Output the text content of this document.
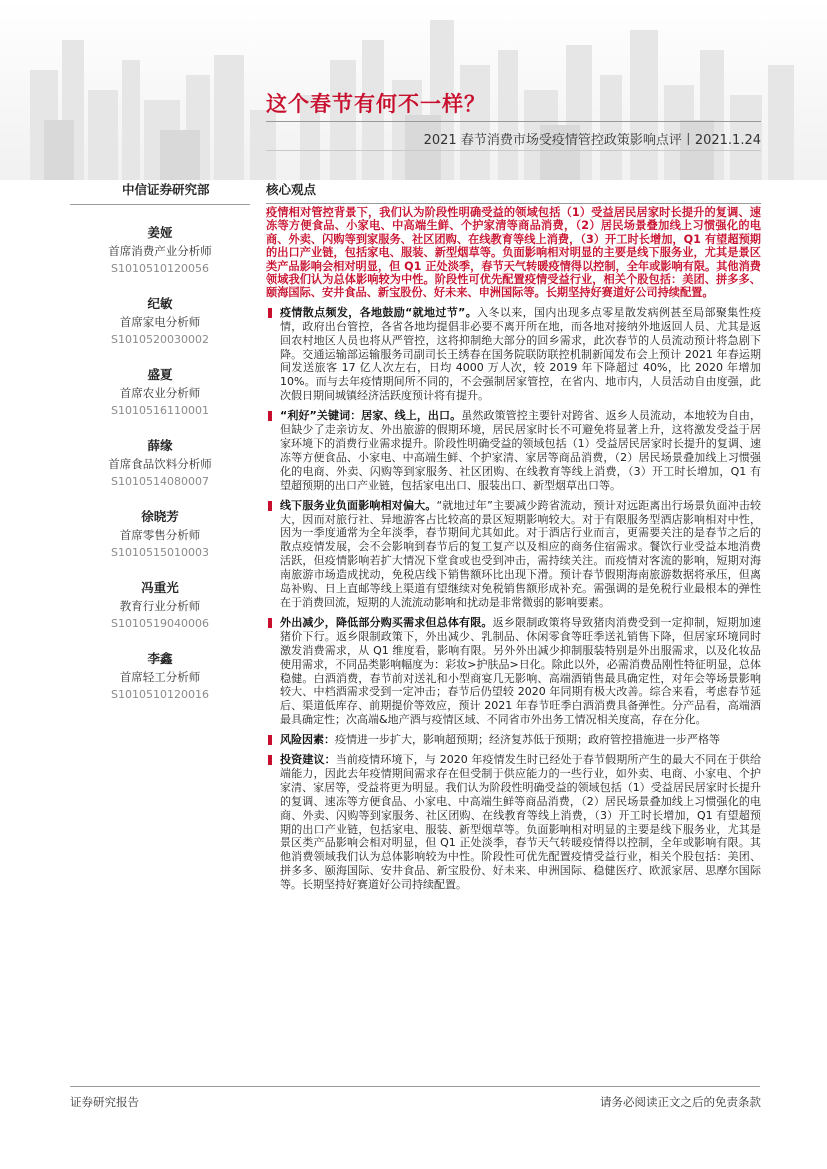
这个春节有何不一样？
2021 春节消费市场受疫情管控政策影响点评丨2021.1.24
中信证券研究部
姜娅
首席消费产业分析师
S1010510120056
纪敏
首席家电分析师
S1010520030002
盛夏
首席农业分析师
S1010516110001
薛缘
首席食品饮料分析师
S1010514080007
徐晓芳
首席零售分析师
S1010515010003
冯重光
教育行业分析师
S1010519040006
李鑫
首席轻工分析师
S1010510120016
核心观点
疫情相对管控背景下，我们认为阶段性明确受益的领域包括（1）受益居民居家时长提升的复调、速冻等方便食品、小家电、中高端生鲜、个护家清等商品消费，（2）居民场景叠加线上习惯强化的电商、外卖、闪购等到家服务、社区团购、在线教育等线上消费，（3）开工时长增加，Q1 有望超预期的出口产业链，包括家电、服装、新型烟草等。负面影响相对明显的主要是线下服务业，尤其是景区类产品影响会相对明显，但 Q1 正处淡季，春节天气转暖疫情得以控制，全年或影响有限。其他消费领域我们认为总体影响较为中性。阶段性可优先配置疫情受益行业，相关个股包括：美团、拼多多、颐海国际、安井食品、新宝股份、好未来、申洲国际等。长期坚持好赛道好公司持续配置。
疫情散点频发，各地鼓励“就地过节”。入冬以来，国内出现多点零星散发病例甚至局部聚集性疫情，政府出台管控，各省各地均提倡非必要不离开所在地，而各地对接纳外地返回人员、尤其是返回农村地区人员也将从严管控，这将抑制绝大部分的回乡需求，此次春节的人员流动预计将急剧下降。交通运输部运输服务司副司长王绣春在国务院联防联控机制新闻发布会上预计 2021 年春运期间发送旅客 17 亿人次左右，日均 4000 万人次，较 2019 年下降超过 40%，比 2020 年增加 10%。而与去年疫情期间所不同的，不会强制居家管控，在省内、地市内，人员活动自由度强，此次假日期间城镇经济活跃度预计将有提升。
“利好”关键词：居家、线上，出口。虽然政策管控主要针对跨省、返乡人员流动，本地较为自由，但缺少了走亲访友、外出旅游的假期环境，居民居家时长不可避免将显著上升，这将激发受益于居家环境下的消费行业需求提升。阶段性明确受益的领域包括（1）受益居民居家时长提升的复调、速冻等方便食品、小家电、中高端生鲜、个护家清、家居等商品消费，（2）居民场景叠加线上习惯强化的电商、外卖、闪购等到家服务、社区团购、在线教育等线上消费，（3）开工时长增加，Q1 有望超预期的出口产业链，包括家电出口、服装出口、新型烟草出口等。
线下服务业负面影响相对偏大。“就地过年”主要减少跨省流动，预计对远距离出行场景负面冲击较大，因而对旅行社、异地游客占比较高的景区短期影响较大。对于有限服务型酒店影响相对中性，因为一季度通常为全年淡季，春节期间尤其如此。对于酒店行业而言，更需要关注的是春节之后的散点疫情发展，会不会影响到春节后的复工复产以及相应的商务住宿需求。餐饮行业受益本地消费活跃，但疫情影响若扩大情况下堂食或也受到冲击，需持续关注。而疫情对客流的影响，短期对海南旅游市场造成扰动，免税店线下销售额环比出现下滑。预计春节假期海南旅游数据将承压，但离岛补购、日上直邮等线上渠道有望继续对免税销售额形成补充。需强调的是免税行业最根本的弹性在于消费回流，短期的人流流动影响和扰动是非常微弱的影响要素。
外出减少，降低部分购买需求但总体有限。返乡限制政策将导致猪肉消费受到一定抑制，短期加速猪价下行。返乡限制政策下，外出减少、乳制品、休闲零食等旺季送礼销售下降，但居家环境同时激发消费需求，从 Q1 维度看，影响有限。另外外出减少抑制服装特别是外出服需求，以及化妆品使用需求，不同品类影响幅度为：彩妆>护肤品>日化。除此以外，必需消费品刚性特征明显，总体稳健。白酒消费，春节前对送礼和小型商宴几无影响、高端酒销售最具确定性，对年会等场景影响较大、中档酒需求受到一定冲击；春节后仍望较 2020 年同期有极大改善。综合来看，考虑春节延后、渠道低库存、前期提价等效应，预计 2021 年春节旺季白酒消费具备弹性。分产品看，高端酒最具确定性；次高端&地产酒与疫情区域、不同省市外出务工情况相关度高，存在分化。
风险因素：疫情进一步扩大，影响超预期；经济复苏低于预期；政府管控措施进一步严格等
投资建议：当前疫情环境下，与 2020 年疫情发生时已经处于春节假期所产生的最大不同在于供给端能力，因此去年疫情期间需求存在但受制于供应能力的一些行业，如外卖、电商、小家电、个护家清、家居等，受益将更为明显。我们认为阶段性明确受益的领域包括（1）受益居民居家时长提升的复调、速冻等方便食品、小家电、中高端生鲜等商品消费，（2）居民场景叠加线上习惯强化的电商、外卖、闪购等到家服务、社区团购、在线教育等线上消费，（3）开工时长增加，Q1 有望超预期的出口产业链，包括家电、服装、新型烟草等。负面影响相对明显的主要是线下服务业，尤其是景区类产品影响会相对明显，但 Q1 正处淡季，春节天气转暖疫情得以控制，全年或影响有限。其他消费领域我们认为总体影响较为中性。阶段性可优先配置疫情受益行业，相关个股包括：美团、拼多多、颐海国际、安井食品、新宝股份、好未来、申洲国际、稳健医疗、欧派家居、思摩尔国际等。长期坚持好赛道好公司持续配置。
证券研究报告	请务必阅读正文之后的免责条款
